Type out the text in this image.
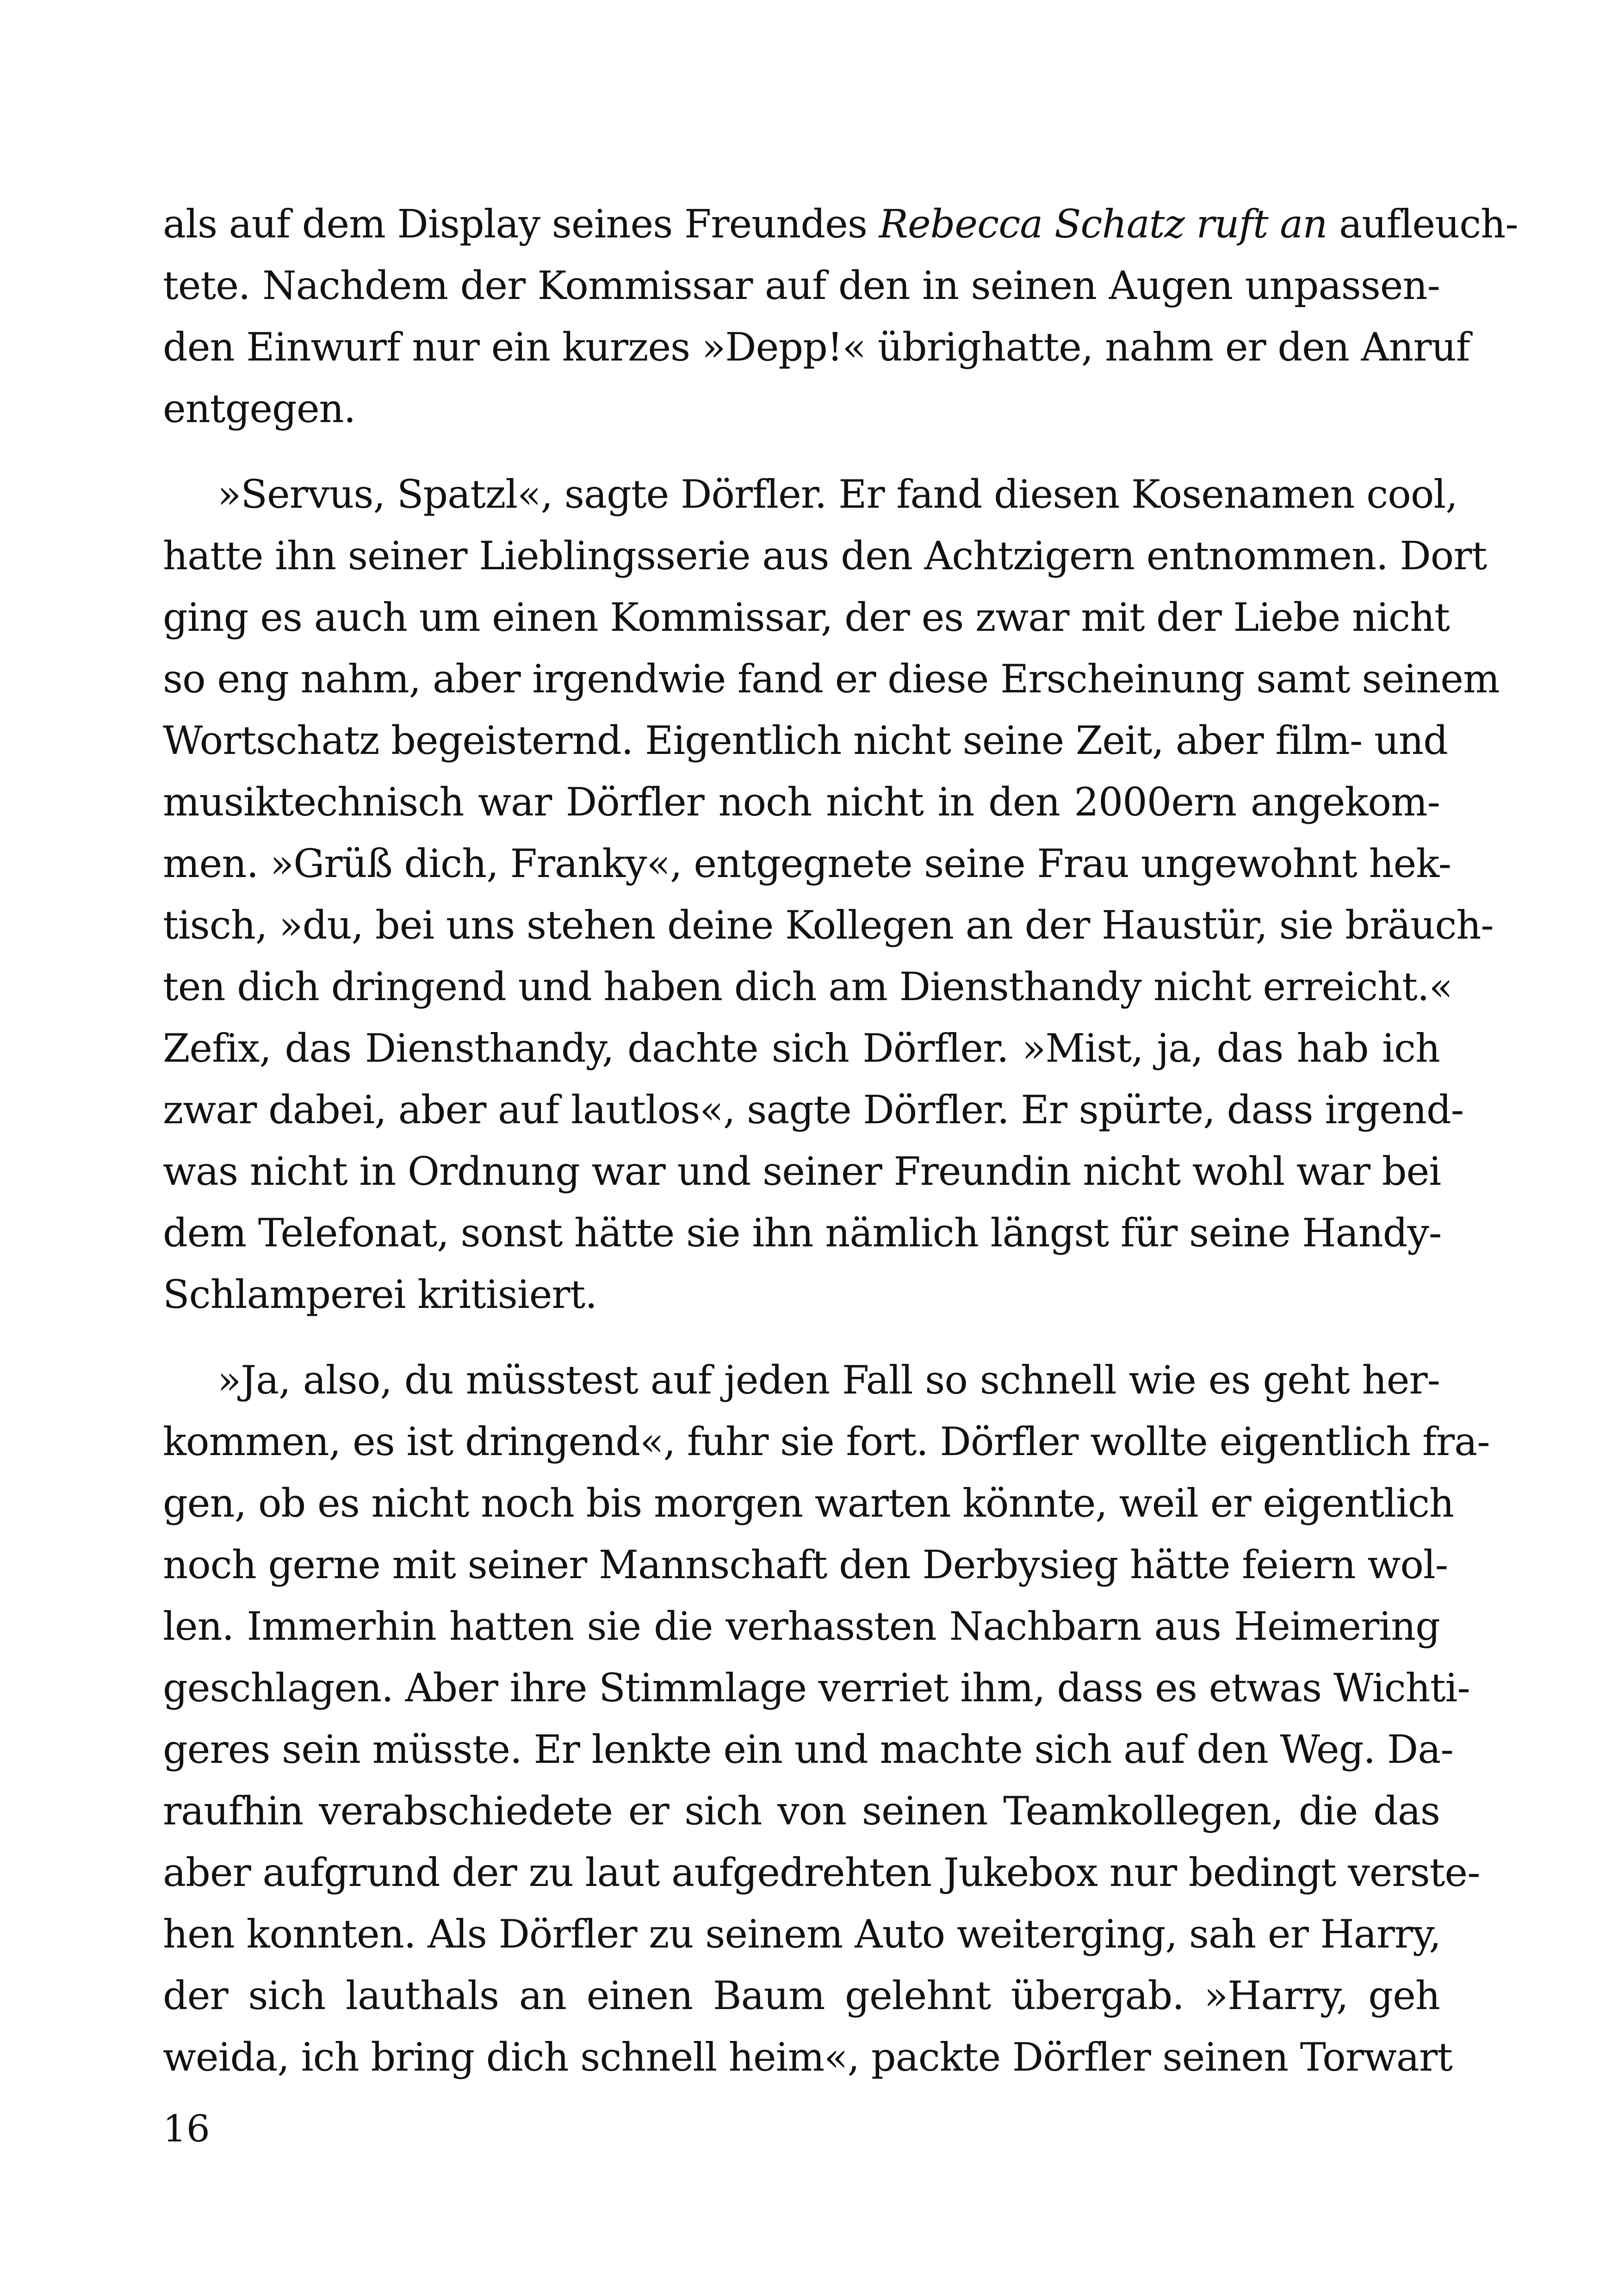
als auf dem Display seines Freundes Rebecca Schatz ruft an aufleuch-
tete. Nachdem der Kommissar auf den in seinen Augen unpassen-
den Einwurf nur ein kurzes »Depp!« übrighatte, nahm er den Anruf
entgegen.
»Servus, Spatzl«, sagte Dörfler. Er fand diesen Kosenamen cool,
hatte ihn seiner Lieblingsserie aus den Achtzigern entnommen. Dort
ging es auch um einen Kommissar, der es zwar mit der Liebe nicht
so eng nahm, aber irgendwie fand er diese Erscheinung samt seinem
Wortschatz begeisternd. Eigentlich nicht seine Zeit, aber film- und
musiktechnisch war Dörfler noch nicht in den 2000ern angekom-
men. »Grüß dich, Franky«, entgegnete seine Frau ungewohnt hek-
tisch, »du, bei uns stehen deine Kollegen an der Haustür, sie bräuch-
ten dich dringend und haben dich am Diensthandy nicht erreicht.«
Zefix, das Diensthandy, dachte sich Dörfler. »Mist, ja, das hab ich
zwar dabei, aber auf lautlos«, sagte Dörfler. Er spürte, dass irgend-
was nicht in Ordnung war und seiner Freundin nicht wohl war bei
dem Telefonat, sonst hätte sie ihn nämlich längst für seine Handy-
Schlamperei kritisiert.
»Ja, also, du müsstest auf jeden Fall so schnell wie es geht her-
kommen, es ist dringend«, fuhr sie fort. Dörfler wollte eigentlich fra-
gen, ob es nicht noch bis morgen warten könnte, weil er eigentlich
noch gerne mit seiner Mannschaft den Derbysieg hätte feiern wol-
len. Immerhin hatten sie die verhassten Nachbarn aus Heimering
geschlagen. Aber ihre Stimmlage verriet ihm, dass es etwas Wichti-
geres sein müsste. Er lenkte ein und machte sich auf den Weg. Da-
raufhin verabschiedete er sich von seinen Teamkollegen, die das
aber aufgrund der zu laut aufgedrehten Jukebox nur bedingt verste-
hen konnten. Als Dörfler zu seinem Auto weiterging, sah er Harry,
der sich lauthals an einen Baum gelehnt übergab. »Harry, geh
weida, ich bring dich schnell heim«, packte Dörfler seinen Torwart
16
